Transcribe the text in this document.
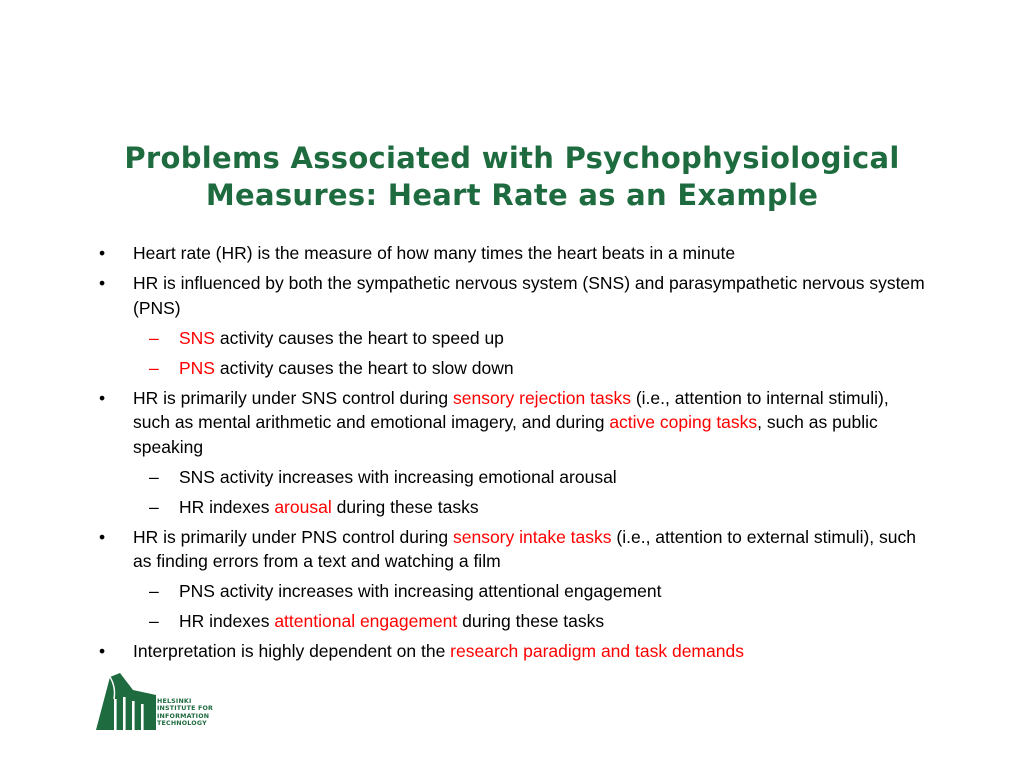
Problems Associated with Psychophysiological
Measures: Heart Rate as an Example
• Heart rate (HR) is the measure of how many times the heart beats in a minute
• HR is influenced by both the sympathetic nervous system (SNS) and parasympathetic nervous system (PNS)
– SNS activity causes the heart to speed up
– PNS activity causes the heart to slow down
• HR is primarily under SNS control during sensory rejection tasks (i.e., attention to internal stimuli), such as mental arithmetic and emotional imagery, and during active coping tasks, such as public speaking
– SNS activity increases with increasing emotional arousal
– HR indexes arousal during these tasks
• HR is primarily under PNS control during sensory intake tasks (i.e., attention to external stimuli), such as finding errors from a text and watching a film
– PNS activity increases with increasing attentional engagement
– HR indexes attentional engagement during these tasks
• Interpretation is highly dependent on the research paradigm and task demands
HELSINKI
INSTITUTE FOR
INFORMATION
TECHNOLOGY
